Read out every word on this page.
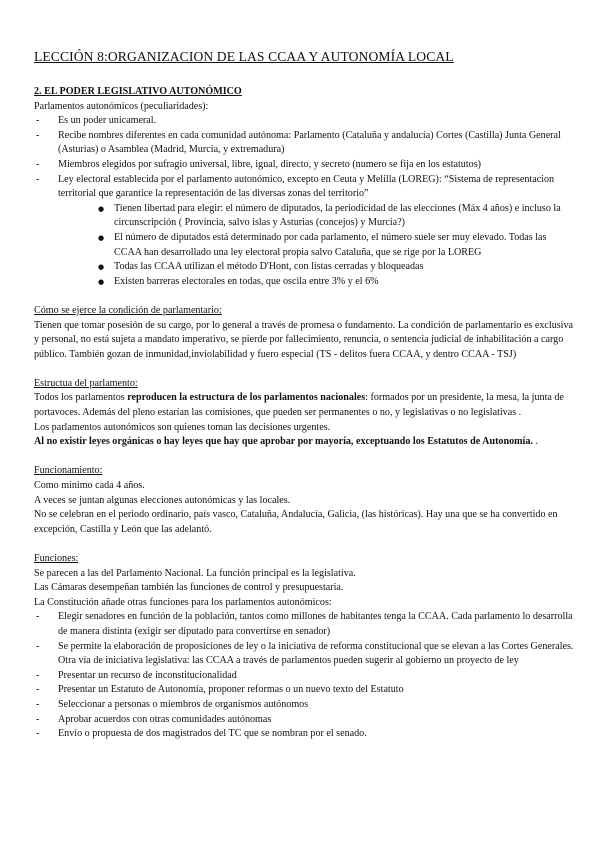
LECCIÓN 8:ORGANIZACION DE LAS CCAA Y AUTONOMÍA LOCAL
2. EL PODER LEGISLATIVO AUTONÓMICO

Parlamentos autonómicos (peculiaridades):

- Es un poder unicameral.
- Recibe nombres diferentes en cada comunidad autónoma: Parlamento (Cataluña y andalucía) Cortes (Castilla) Junta General (Asturias) o Asamblea (Madrid, Murcia, y extremadura)
- Miembros elegidos por sufragio universal, libre, igual, directo, y secreto (numero se fija en los estatutos)
- Ley electoral establecida por el parlamento autonómico, excepto en Ceuta y Melilla (LOREG): “Sistema de representacion territorial que garantice la representación de las diversas zonas del territorio”
● Tienen libertad para elegir: el número de diputados, la periodicidad de las elecciones (Máx 4 años) e incluso la circunscripción ( Provincia, salvo islas y Asturias (concejos) y Murcia?)
● El número de diputados está determinado por cada parlamento, el número suele ser muy elevado. Todas las CCAA han desarrollado una ley electoral propia salvo Cataluña, que se rige por la LOREG
● Todas las CCAA utilizan el método D'Hont, con listas cerradas y bloqueadas
● Existen barreras electorales en todas, que oscila entre 3% y el 6%

Cómo se ejerce la condición de parlamentario:

Tienen que tomar posesión de su cargo, por lo general a través de promesa o fundamento. La condición de parlamentario es exclusiva y personal, no está sujeta a mandato imperativo, se pierde por fallecimiento, renuncia, o sentencia judicial de inhabilitación a cargo público. También gozan de inmunidad,inviolabilidad y fuero especial (TS - delitos fuera CCAA, y dentro CCAA - TSJ)

Estructua del parlamento:

Todos los parlamentos reproducen la estructura de los parlamentos nacionales: formados por un presidente, la mesa, la junta de portavoces. Además del pleno estarían las comisiones, que pueden ser permanentes o no, y legislativas o no legislativas .

Los parlamentos autonómicos son quienes toman las decisiones urgentes.

Al no existir leyes orgánicas o hay leyes que hay que aprobar por mayoría, exceptuando los Estatutos de Autonomía. .

Funcionamiento:

Como mínimo cada 4 años.

A veces se juntan algunas elecciones autonómicas y las locales.

No se celebran en el periodo ordinario, país vasco, Cataluña, Andalucía, Galicia, (las históricas). Hay una que se ha convertido en excepción, Castilla y León que las adelantó.

Funciones:

Se parecen a las del Parlamento Nacional. La función principal es la legislativa.

Las Cámaras desempeñan también las funciones de control y presupuestaria.

La Constitución añade otras funciones para los parlamentos autonómicos:

- Elegir senadores en función de la población, tantos como millones de habitantes tenga la CCAA. Cada parlamento lo desarrolla de manera distinta (exigir ser diputado para convertirse en senador)
- Se permite la elaboración de proposiciones de ley o la iniciativa de reforma constitucional que se elevan a las Cortes Generales. Otra vía de iniciativa legislativa: las CCAA a través de parlamentos pueden sugerir al gobierno un proyecto de ley
- Presentar un recurso de inconstitucionalidad
- Presentar un Estatuto de Autonomía, proponer reformas o un nuevo texto del Estatuto
- Seleccionar a personas o miembros de organismos autónomos
- Aprobar acuerdos con otras comunidades autónomas
- Envío o propuesta de dos magistrados del TC que se nombran por el senado.
